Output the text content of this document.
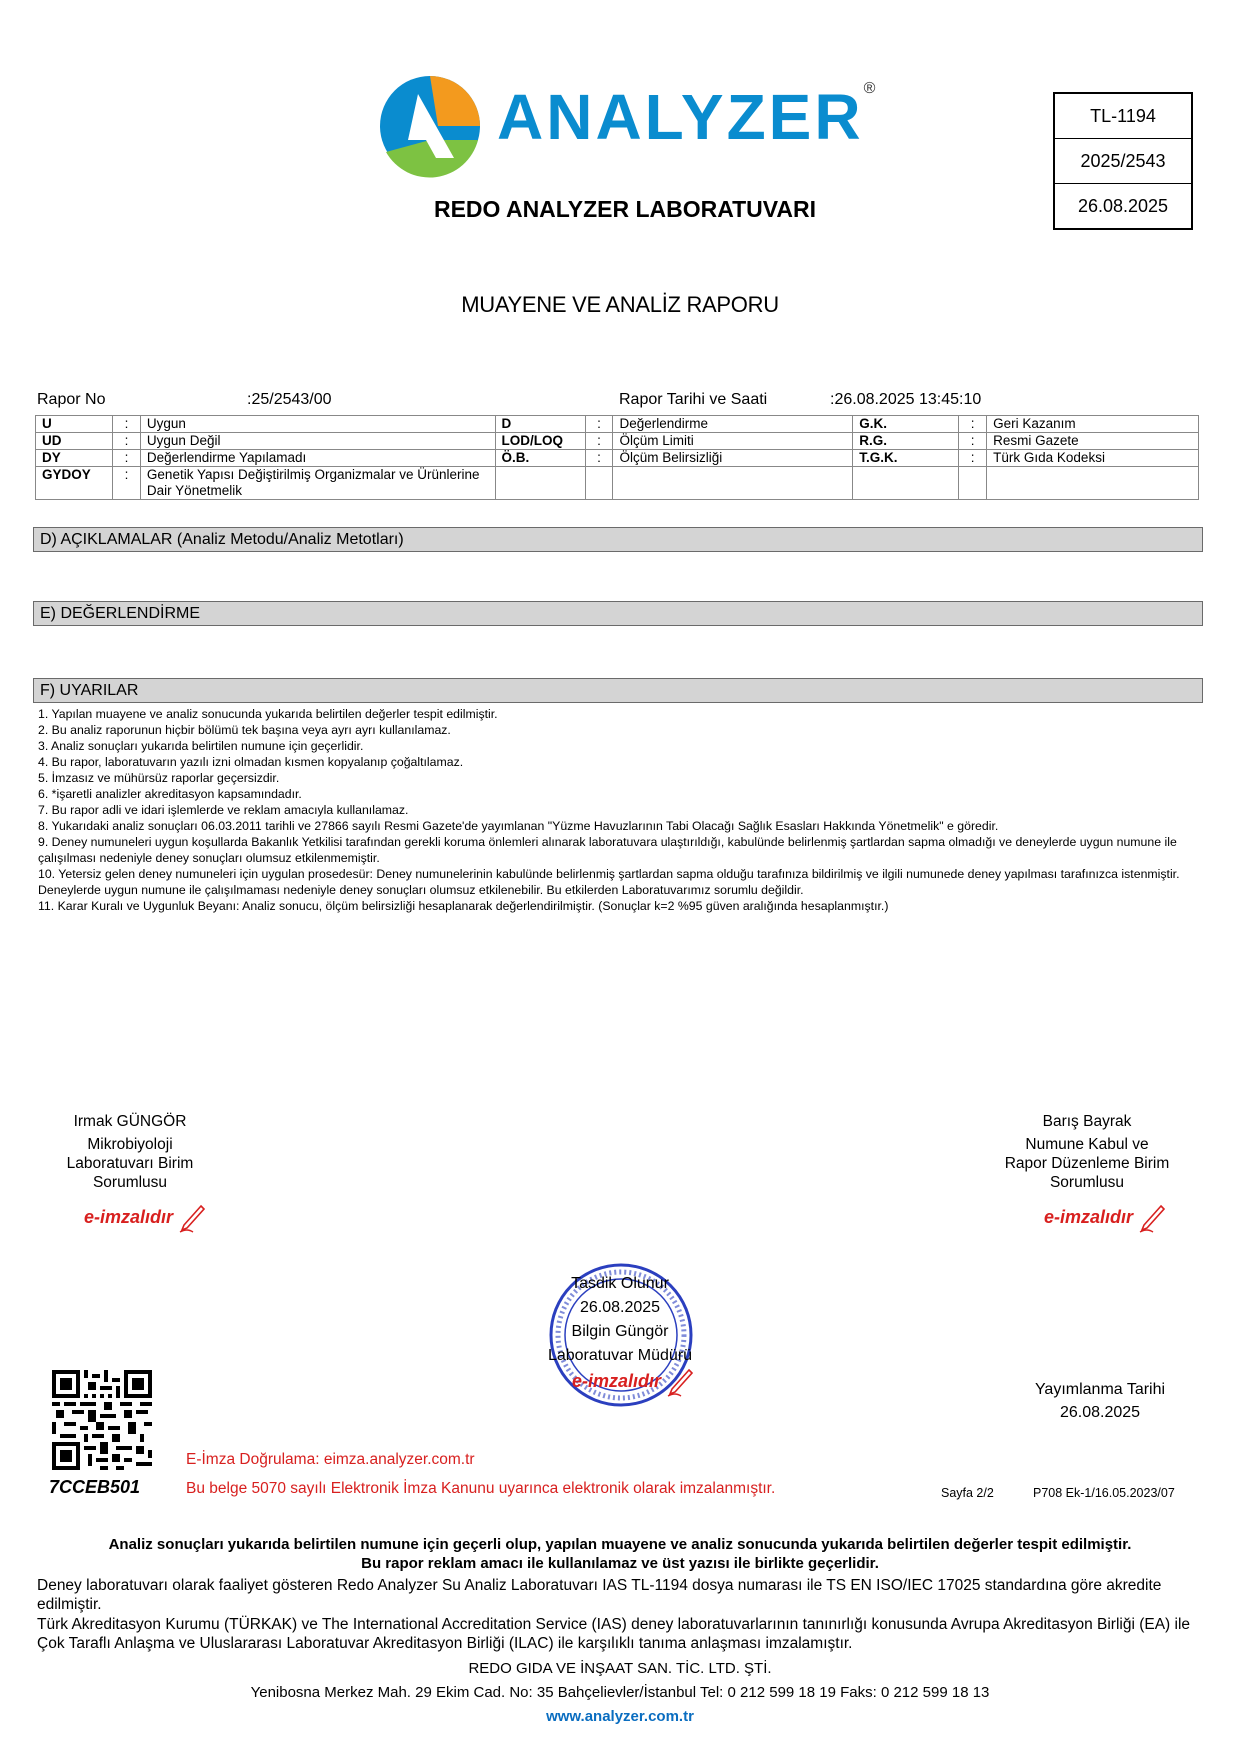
ANALYZER®
REDO ANALYZER LABORATUVARI
TL-1194
2025/2543
26.08.2025
MUAYENE VE ANALİZ RAPORU
Rapor No	:25/2543/00	Rapor Tarihi ve Saati	:26.08.2025 13:45:10
U	:	Uygun	D	:	Değerlendirme	G.K.	:	Geri Kazanım
UD	:	Uygun Değil	LOD/LOQ	:	Ölçüm Limiti	R.G.	:	Resmi Gazete
DY	:	Değerlendirme Yapılamadı	Ö.B.	:	Ölçüm Belirsizliği	T.G.K.	:	Türk Gıda Kodeksi
GYDOY	:	Genetik Yapısı Değiştirilmiş Organizmalar ve Ürünlerine Dair Yönetmelik						
D) AÇIKLAMALAR (Analiz Metodu/Analiz Metotları)
E) DEĞERLENDİRME
F) UYARILAR

1. Yapılan muayene ve analiz sonucunda yukarıda belirtilen değerler tespit edilmiştir.

2. Bu analiz raporunun hiçbir bölümü tek başına veya ayrı ayrı kullanılamaz.

3. Analiz sonuçları yukarıda belirtilen numune için geçerlidir.

4. Bu rapor, laboratuvarın yazılı izni olmadan kısmen kopyalanıp çoğaltılamaz.

5. İmzasız ve mühürsüz raporlar geçersizdir.

6. *işaretli analizler akreditasyon kapsamındadır.

7. Bu rapor adli ve idari işlemlerde ve reklam amacıyla kullanılamaz.

8. Yukarıdaki analiz sonuçları 06.03.2011 tarihli ve 27866 sayılı Resmi Gazete'de yayımlanan "Yüzme Havuzlarının Tabi Olacağı Sağlık Esasları Hakkında Yönetmelik" e göredir.

9. Deney numuneleri uygun koşullarda Bakanlık Yetkilisi tarafından gerekli koruma önlemleri alınarak laboratuvara ulaştırıldığı, kabulünde belirlenmiş şartlardan sapma olmadığı ve deneylerde uygun numune ile çalışılması nedeniyle deney sonuçları olumsuz etkilenmemiştir.

10. Yetersiz gelen deney numuneleri için uygulan prosedesür: Deney numunelerinin kabulünde belirlenmiş şartlardan sapma olduğu tarafınıza bildirilmiş ve ilgili numunede deney yapılması tarafınızca istenmiştir. Deneylerde uygun numune ile çalışılmaması nedeniyle deney sonuçları olumsuz etkilenebilir. Bu etkilerden Laboratuvarımız sorumlu değildir.

11. Karar Kuralı ve Uygunluk Beyanı: Analiz sonucu, ölçüm belirsizliği hesaplanarak değerlendirilmiştir. (Sonuçlar k=2 %95 güven aralığında hesaplanmıştır.)

Irmak GÜNGÖR
Mikrobiyoloji
Laboratuvarı Birim
Sorumlusu
e-imzalıdır
Barış Bayrak
Numune Kabul ve
Rapor Düzenleme Birim
Sorumlusu
e-imzalıdır
Tasdik Olunur
26.08.2025
Bilgin Güngör
Laboratuvar Müdürü
e-imzalıdır	Yayımlanma Tarihi
26.08.2025
7CCEB501
E-İmza Doğrulama: eimza.analyzer.com.tr
Bu belge 5070 sayılı Elektronik İmza Kanunu uyarınca elektronik olarak imzalanmıştır.	Sayfa 2/2	P708 Ek-1/16.05.2023/07
Analiz sonuçları yukarıda belirtilen numune için geçerli olup, yapılan muayene ve analiz sonucunda yukarıda belirtilen değerler tespit edilmiştir.
Bu rapor reklam amacı ile kullanılamaz ve üst yazısı ile birlikte geçerlidir.
Deney laboratuvarı olarak faaliyet gösteren Redo Analyzer Su Analiz Laboratuvarı IAS TL-1194 dosya numarası ile TS EN ISO/IEC 17025 standardına göre akredite edilmiştir.
Türk Akreditasyon Kurumu (TÜRKAK) ve The International Accreditation Service (IAS) deney laboratuvarlarının tanınırlığı konusunda Avrupa Akreditasyon Birliği (EA) ile Çok Taraflı Anlaşma ve Uluslararası Laboratuvar Akreditasyon Birliği (ILAC) ile karşılıklı tanıma anlaşması imzalamıştır.
REDO GIDA VE İNŞAAT SAN. TİC. LTD. ŞTİ.
Yenibosna Merkez Mah. 29 Ekim Cad. No: 35 Bahçelievler/İstanbul Tel: 0 212 599 18 19 Faks: 0 212 599 18 13
www.analyzer.com.tr
